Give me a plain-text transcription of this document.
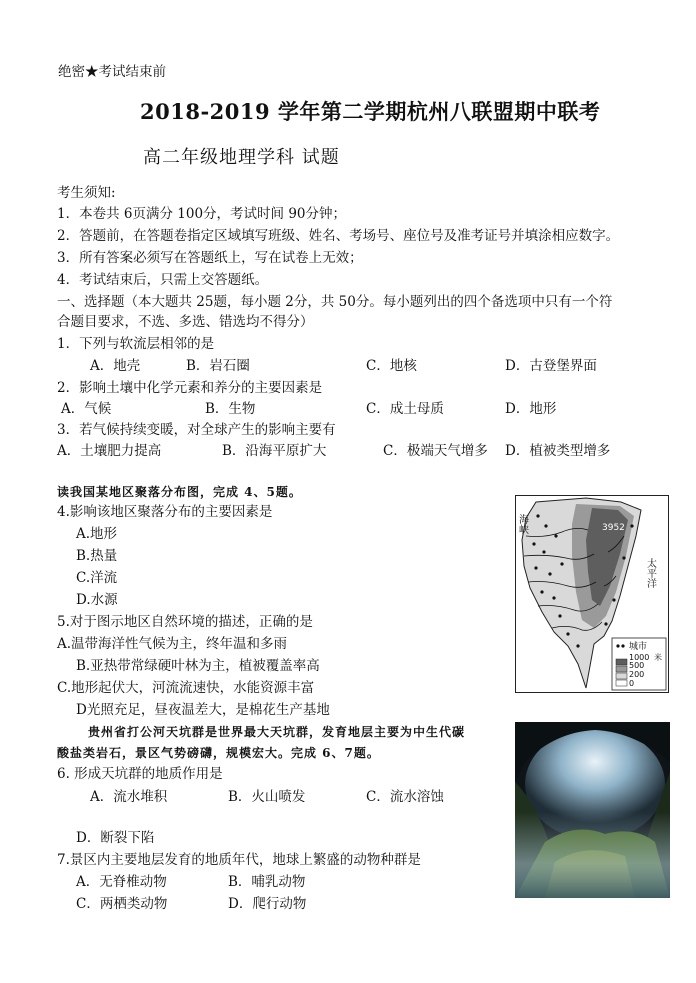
绝密★考试结束前
2018-2019 学年第二学期杭州八联盟期中联考
高二年级地理学科 试题
考生须知:
1．本卷共 6页满分 100分，考试时间 90分钟；
2．答题前，在答题卷指定区域填写班级、姓名、考场号、座位号及准考证号并填涂相应数字。
3．所有答案必须写在答题纸上，写在试卷上无效；
4．考试结束后，只需上交答题纸。
一、选择题（本大题共 25题，每小题 2分，共 50分。每小题列出的四个备选项中只有一个符
合题目要求，不选、多选、错选均不得分）
1．下列与软流层相邻的是
A．地壳	B．岩石圈	C．地核	D．古登堡界面
2．影响土壤中化学元素和养分的主要因素是
A．气候	B．生物	C．成土母质	D．地形
3．若气候持续变暖，对全球产生的影响主要有
A．土壤肥力提高	B．沿海平原扩大	C．极端天气增多 D．植被类型增多
读我国某地区聚落分布图，完成 4、5题。
4.影响该地区聚落分布的主要因素是
A.地形
B.热量
C.洋流
D.水源
5.对于图示地区自然环境的描述，正确的是
A.温带海洋性气候为主，终年温和多雨
B.亚热带常绿硬叶林为主，植被覆盖率高
C.地形起伏大，河流流速快，水能资源丰富
D光照充足，昼夜温差大，是棉花生产基地
贵州省打公河天坑群是世界最大天坑群，发育地层主要为中生代碳
酸盐类岩石，景区气势磅礴，规模宏大。完成 6、7题。
6. 形成天坑群的地质作用是
A．流水堆积	B．火山喷发	C．流水溶蚀
D．断裂下陷
7.景区内主要地层发育的地质年代，地球上繁盛的动物种群是
A．无脊椎动物	B．哺乳动物
C．两栖类动物	D．爬行动物
海峡
太平洋
3952
城市
1000 米
500
200
0
